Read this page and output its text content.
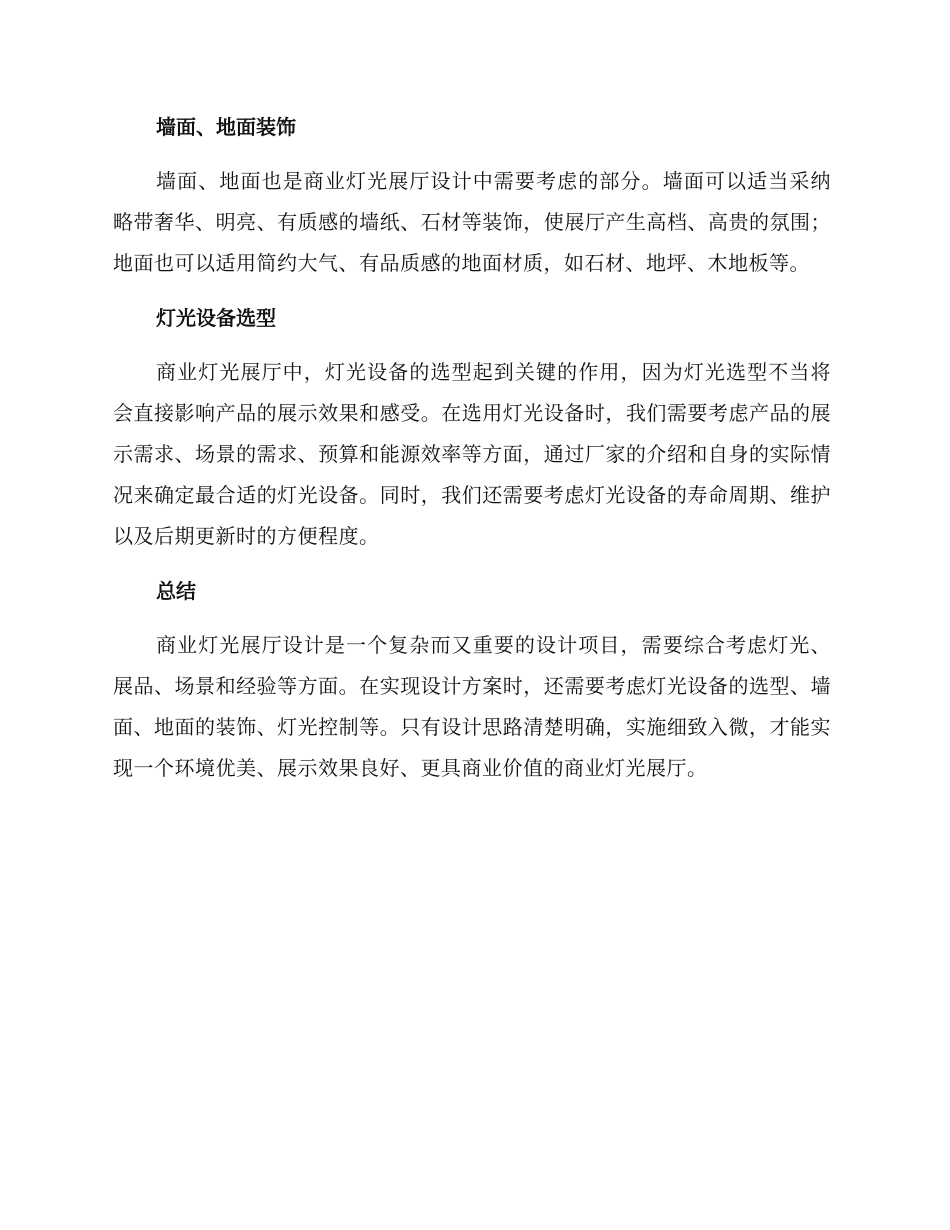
墙面、地面装饰

墙面、地面也是商业灯光展厅设计中需要考虑的部分。墙面可以适当采纳略带奢华、明亮、有质感的墙纸、石材等装饰，使展厅产生高档、高贵的氛围；地面也可以适用简约大气、有品质感的地面材质，如石材、地坪、木地板等。

灯光设备选型

商业灯光展厅中，灯光设备的选型起到关键的作用，因为灯光选型不当将会直接影响产品的展示效果和感受。在选用灯光设备时，我们需要考虑产品的展示需求、场景的需求、预算和能源效率等方面，通过厂家的介绍和自身的实际情况来确定最合适的灯光设备。同时，我们还需要考虑灯光设备的寿命周期、维护以及后期更新时的方便程度。

总结

商业灯光展厅设计是一个复杂而又重要的设计项目，需要综合考虑灯光、展品、场景和经验等方面。在实现设计方案时，还需要考虑灯光设备的选型、墙面、地面的装饰、灯光控制等。只有设计思路清楚明确，实施细致入微，才能实现一个环境优美、展示效果良好、更具商业价值的商业灯光展厅。
